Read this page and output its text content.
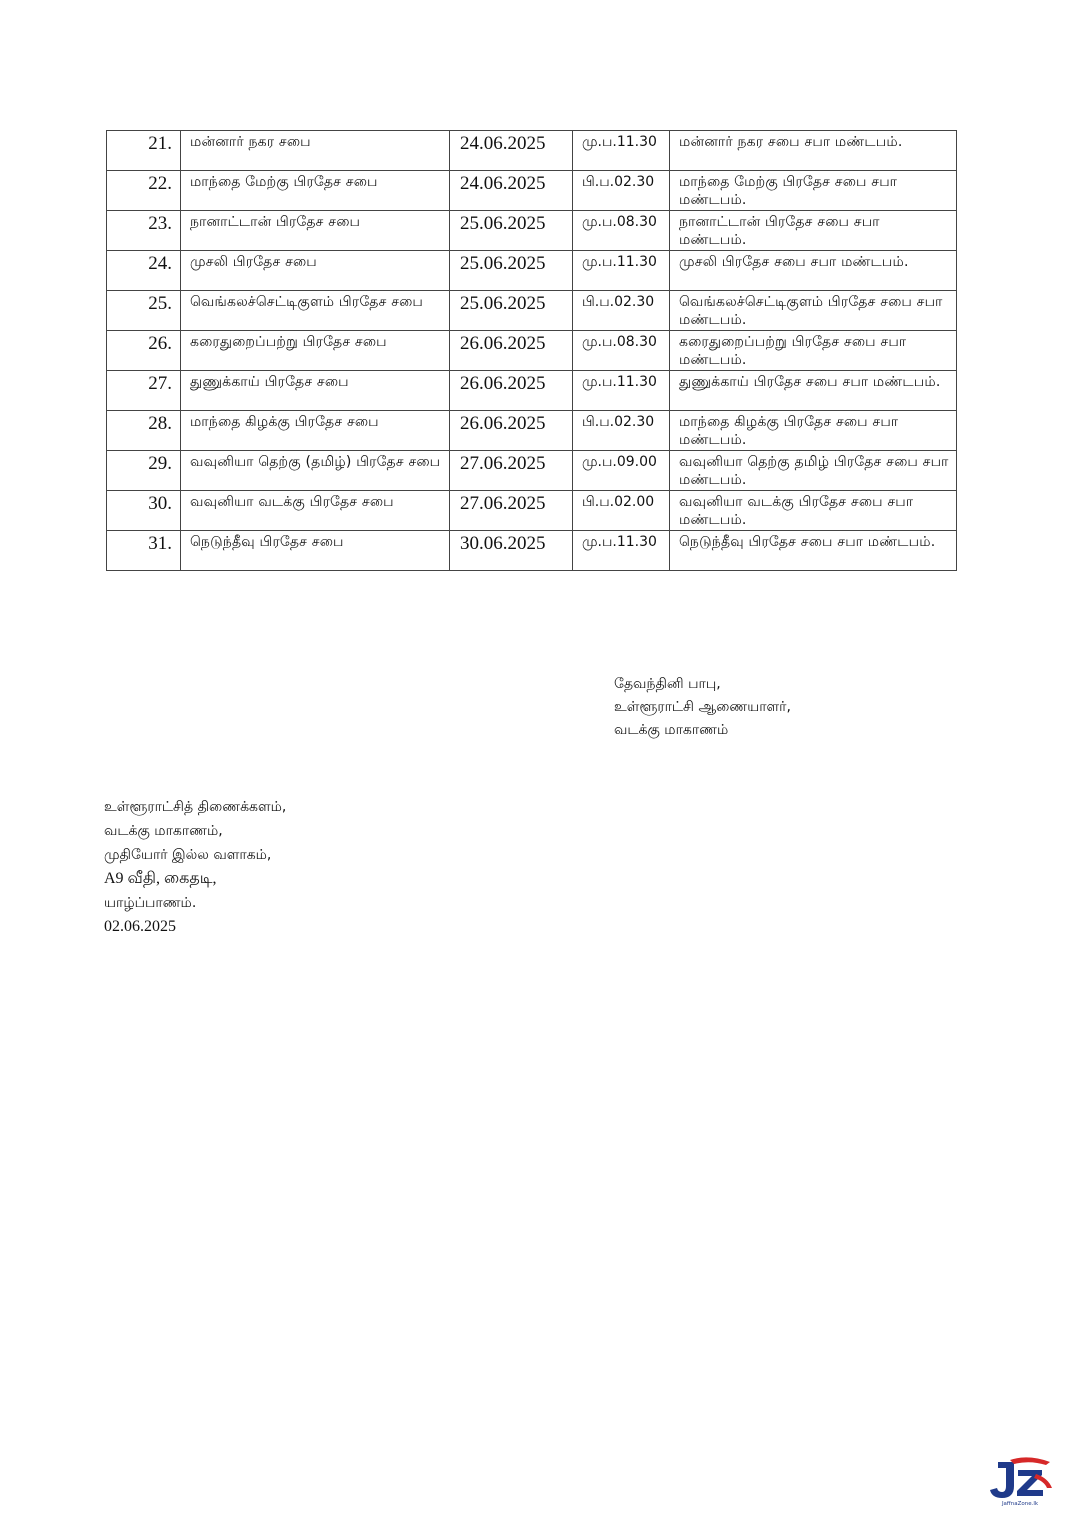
21.	மன்னார் நகர சபை	24.06.2025	மு.ப.11.30	மன்னார் நகர சபை சபா மண்டபம்.
22.	மாந்தை மேற்கு பிரதேச சபை	24.06.2025	பி.ப.02.30	மாந்தை மேற்கு பிரதேச சபை சபா மண்டபம்.
23.	நானாட்டான் பிரதேச சபை	25.06.2025	மு.ப.08.30	நானாட்டான் பிரதேச சபை சபா மண்டபம்.
24.	முசலி பிரதேச சபை	25.06.2025	மு.ப.11.30	முசலி பிரதேச சபை சபா மண்டபம்.
25.	வெங்கலச்செட்டிகுளம் பிரதேச சபை	25.06.2025	பி.ப.02.30	வெங்கலச்செட்டிகுளம் பிரதேச சபை சபா மண்டபம்.
26.	கரைதுறைப்பற்று பிரதேச சபை	26.06.2025	மு.ப.08.30	கரைதுறைப்பற்று பிரதேச சபை சபா மண்டபம்.
27.	துணுக்காய் பிரதேச சபை	26.06.2025	மு.ப.11.30	துணுக்காய் பிரதேச சபை சபா மண்டபம்.
28.	மாந்தை கிழக்கு பிரதேச சபை	26.06.2025	பி.ப.02.30	மாந்தை கிழக்கு பிரதேச சபை சபா மண்டபம்.
29.	வவுனியா தெற்கு (தமிழ்) பிரதேச சபை	27.06.2025	மு.ப.09.00	வவுனியா தெற்கு தமிழ் பிரதேச சபை சபா மண்டபம்.
30.	வவுனியா வடக்கு பிரதேச சபை	27.06.2025	பி.ப.02.00	வவுனியா வடக்கு பிரதேச சபை சபா மண்டபம்.
31.	நெடுந்தீவு பிரதேச சபை	30.06.2025	மு.ப.11.30	நெடுந்தீவு பிரதேச சபை சபா மண்டபம்.
தேவந்தினி பாபு,
உள்ளூராட்சி ஆணையாளர்,
வடக்கு மாகாணம்
உள்ளூராட்சித் திணைக்களம்,
வடக்கு மாகாணம்,
முதியோர் இல்ல வளாகம்,
A9 வீதி, கைதடி,
யாழ்ப்பாணம்.
02.06.2025
JaffnaZone.lk
